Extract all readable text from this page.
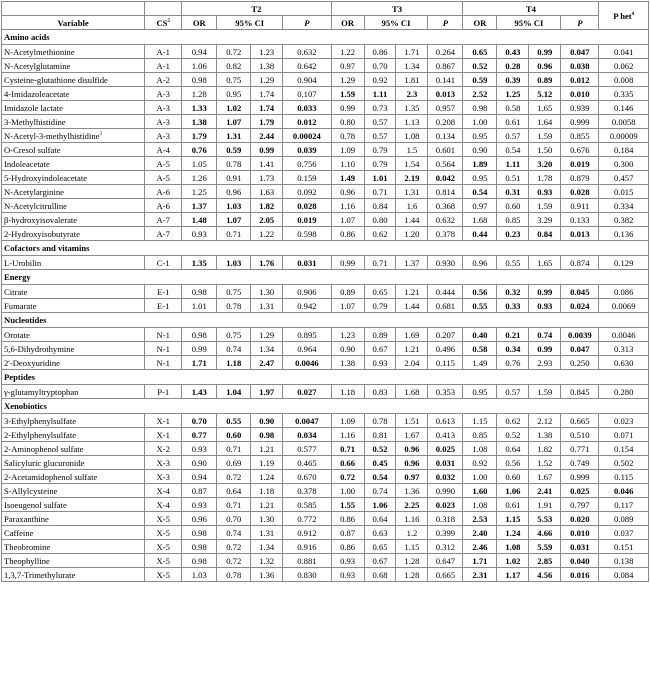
		T2				T3				T4				P het$^4$
Variable	$CS^5$	OR	95% CI		P	OR	95% CI		P	OR	95% CI		P	
Amino acids														
N-Acetylmethionine	A-1	0.94	0.72	1.23	0.632	1.22	0.86	1.71	0.264	0.65	0.43	0.99	0.047	0.041
N-Acetylglutamine	A-1	1.06	0.82	1.38	0.642	0.97	0.70	1.34	0.867	0.52	0.28	0.96	0.038	0.062
Cysteine-glutathione disulfide	A-2	0.98	0.75	1.29	0.904	1.29	0.92	1.81	0.141	0.59	0.39	0.89	0.012	0.008
4-Imidazoleacetate	A-3	1.28	0.95	1.74	0.107	1.59	1.11	2.3	0.013	2.52	1.25	5.12	0.010	0.335
Imidazole lactate	A-3	1.33	1.02	1.74	0.033	0.99	0.73	1.35	0.957	0.98	0.58	1.65	0.939	0.146
3-Methylhistidine	A-3	1.38	1.07	1.79	0.012	0.80	0.57	1.13	0.208	1.00	0.61	1.64	0.999	0.0058
N-Acetyl-3-methylhistidine$^3$	A-3	1.79	1.31	2.44	0.00024	0.78	0.57	1.08	0.134	0.95	0.57	1.59	0.855	0.00009
O-Cresol sulfate	A-4	0.76	0.59	0.99	0.039	1.09	0.79	1.5	0.601	0.90	0.54	1.50	0.676	0.184
Indoleacetate	A-5	1.05	0.78	1.41	0.756	1.10	0.79	1.54	0.564	1.89	1.11	3.20	0.019	0.300
5-Hydroxyindoleacetate	A-5	1.26	0.91	1.73	0.159	1.49	1.01	2.19	0.042	0.95	0.51	1.78	0.879	0.457
N-Acetylarginine	A-6	1.25	0.96	1.63	0.092	0.96	0.71	1.31	0.814	0.54	0.31	0.93	0.028	0.015
N-Acetylcitrulline	A-6	1.37	1.03	1.82	0.028	1.16	0.84	1.6	0.368	0.97	0.60	1.59	0.911	0.334
β-hydroxyisovalerate	A-7	1.48	1.07	2.05	0.019	1.07	0.80	1.44	0.632	1.68	0.85	3.29	0.133	0.382
2-Hydroxyisobutyrate	A-7	0.93	0.71	1.22	0.598	0.86	0.62	1.20	0.378	0.44	0.23	0.84	0.013	0.136
Cofactors and vitamins														
L-Urobilin	C-1	1.35	1.03	1.76	0.031	0.99	0.71	1.37	0.930	0.96	0.55	1.65	0.874	0.129
Energy														
Citrate	E-1	0.98	0.75	1.30	0.906	0.89	0.65	1.21	0.444	0.56	0.32	0.99	0.045	0.086
Fumarate	E-1	1.01	0.78	1.31	0.942	1.07	0.79	1.44	0.681	0.55	0.33	0.93	0.024	0.0069
Nucleotides														
Orotate	N-1	0.98	0.75	1.29	0.895	1.23	0.89	1.69	0.207	0.40	0.21	0.74	0.0039	0.0046
5,6-Dihydrothymine	N-1	0.99	0.74	1.34	0.964	0.90	0.67	1.21	0.496	0.58	0.34	0.99	0.047	0.313
2'-Deoxyuridine	N-1	1.71	1.18	2.47	0.0046	1.38	0.93	2.04	0.115	1.49	0.76	2.93	0.250	0.630
Peptides														
γ-glutamyltryptophan	P-1	1.43	1.04	1.97	0.027	1.18	0.83	1.68	0.353	0.95	0.57	1.59	0.845	0.280
Xenobiotics														
3-Ethylphenylsulfate	X-1	0.70	0.55	0.90	0.0047	1.09	0.78	1.51	0.613	1.15	0.62	2.12	0.665	0.023
2-Ethylphenylsulfate	X-1	0.77	0.60	0.98	0.034	1.16	0.81	1.67	0.413	0.85	0.52	1.38	0.510	0.071
2-Aminophenol sulfate	X-2	0.93	0.71	1.21	0.577	0.71	0.52	0.96	0.025	1.08	0.64	1.82	0.771	0.154
Salicyluric glucuronide	X-3	0.90	0.69	1.19	0.465	0.66	0.45	0.96	0.031	0.92	0.56	1.52	0.749	0.502
2-Acetamidophenol sulfate	X-3	0.94	0.72	1.24	0.670	0.72	0.54	0.97	0.032	1.00	0.60	1.67	0.999	0.115
S-Allylcysteine	X-4	0.87	0.64	1.18	0.378	1.00	0.74	1.36	0.990	1.60	1.06	2.41	0.025	0.046
Isoeugenol sulfate	X-4	0.93	0.71	1.21	0.585	1.55	1.06	2.25	0.023	1.08	0.61	1.91	0.797	0.117
Paraxanthine	X-5	0.96	0.70	1.30	0.772	0.86	0.64	1.16	0.318	2.53	1.15	5.53	0.020	0.089
Caffeine	X-5	0.98	0.74	1.31	0.912	0.87	0.63	1.2	0.399	2.40	1.24	4.66	0.010	0.037
Theobromine	X-5	0.98	0.72	1.34	0.916	0.86	0.65	1.15	0.312	2.46	1.08	5.59	0.031	0.151
Theophylline	X-5	0.98	0.72	1.32	0.881	0.93	0.67	1.28	0.647	1.71	1.02	2.85	0.040	0.138
1,3,7-Trimethylurate	X-5	1.03	0.78	1.36	0.830	0.93	0.68	1.28	0.665	2.31	1.17	4.56	0.016	0.084
